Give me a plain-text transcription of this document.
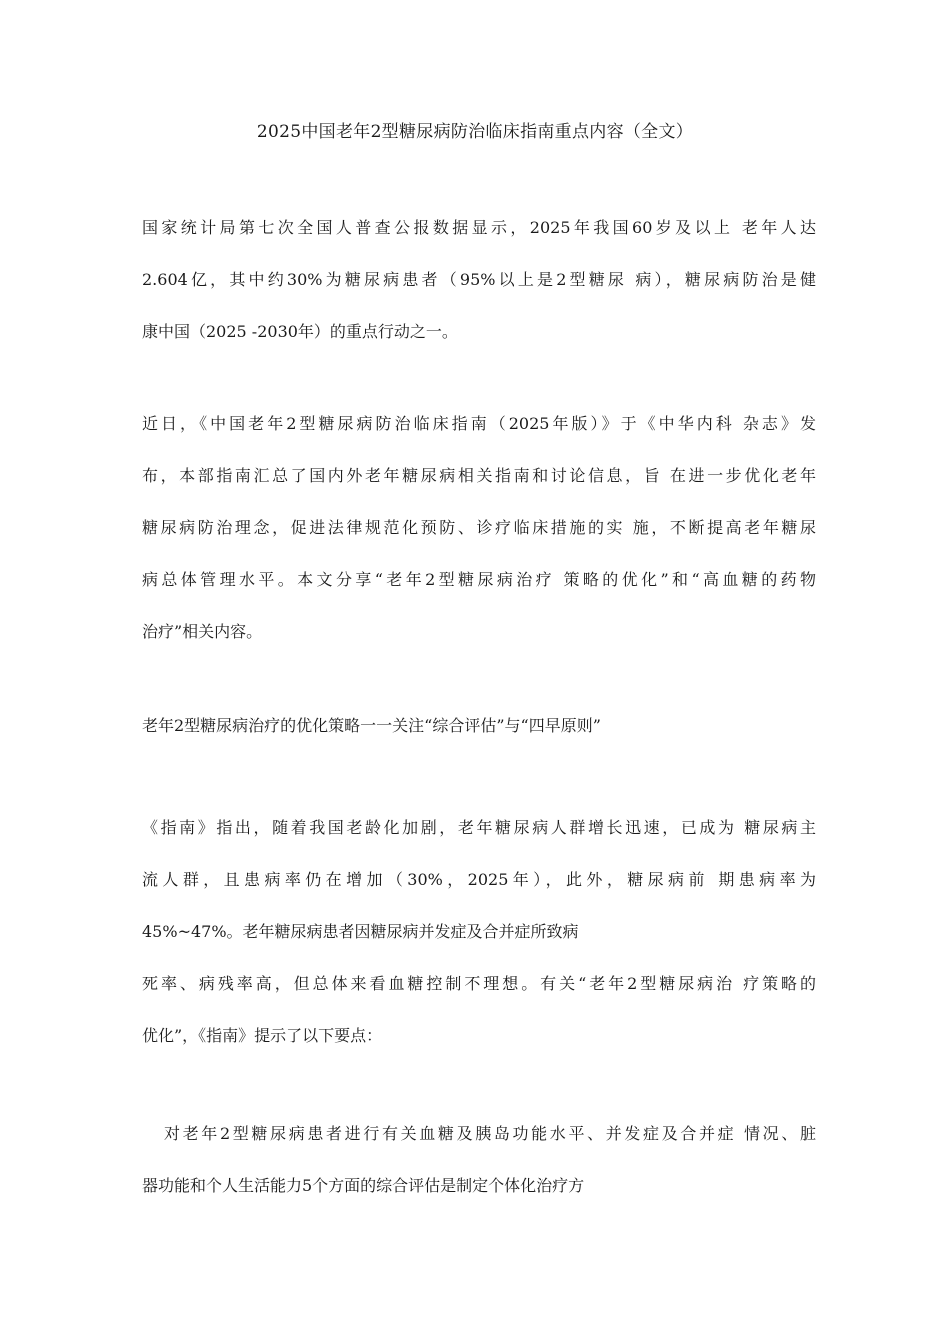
2025中国老年2型糖尿病防治临床指南重点内容（全文）
国家统计局第七次全国人普查公报数据显示，2025年我国60岁及以上 老年人达
2.604亿，其中约30%为糖尿病患者（95%以上是2型糖尿 病），糖尿病防治是健
康中国（2025 -2030年）的重点行动之一。
近日，《中国老年2型糖尿病防治临床指南（2025年版）》于《中华内科 杂志》发
布，本部指南汇总了国内外老年糖尿病相关指南和讨论信息，旨 在进一步优化老年
糖尿病防治理念，促进法律规范化预防、诊疗临床措施的实 施，不断提高老年糖尿
病总体管理水平。本文分享“老年2型糖尿病治疗 策略的优化”和“高血糖的药物
治疗”相关内容。
老年2型糖尿病治疗的优化策略一一关注“综合评估”与“四早原则”
《指南》指出，随着我国老龄化加剧，老年糖尿病人群增长迅速，已成为 糖尿病主
流人群，且患病率仍在增加（30%，2025年），此外，糖尿病前 期患病率为
45%~47%。老年糖尿病患者因糖尿病并发症及合并症所致病
死率、病残率高，但总体来看血糖控制不理想。有关“老年2型糖尿病治 疗策略的
优化”，《指南》提示了以下要点：
对老年2型糖尿病患者进行有关血糖及胰岛功能水平、并发症及合并症 情况、脏
器功能和个人生活能力5个方面的综合评估是制定个体化治疗方
